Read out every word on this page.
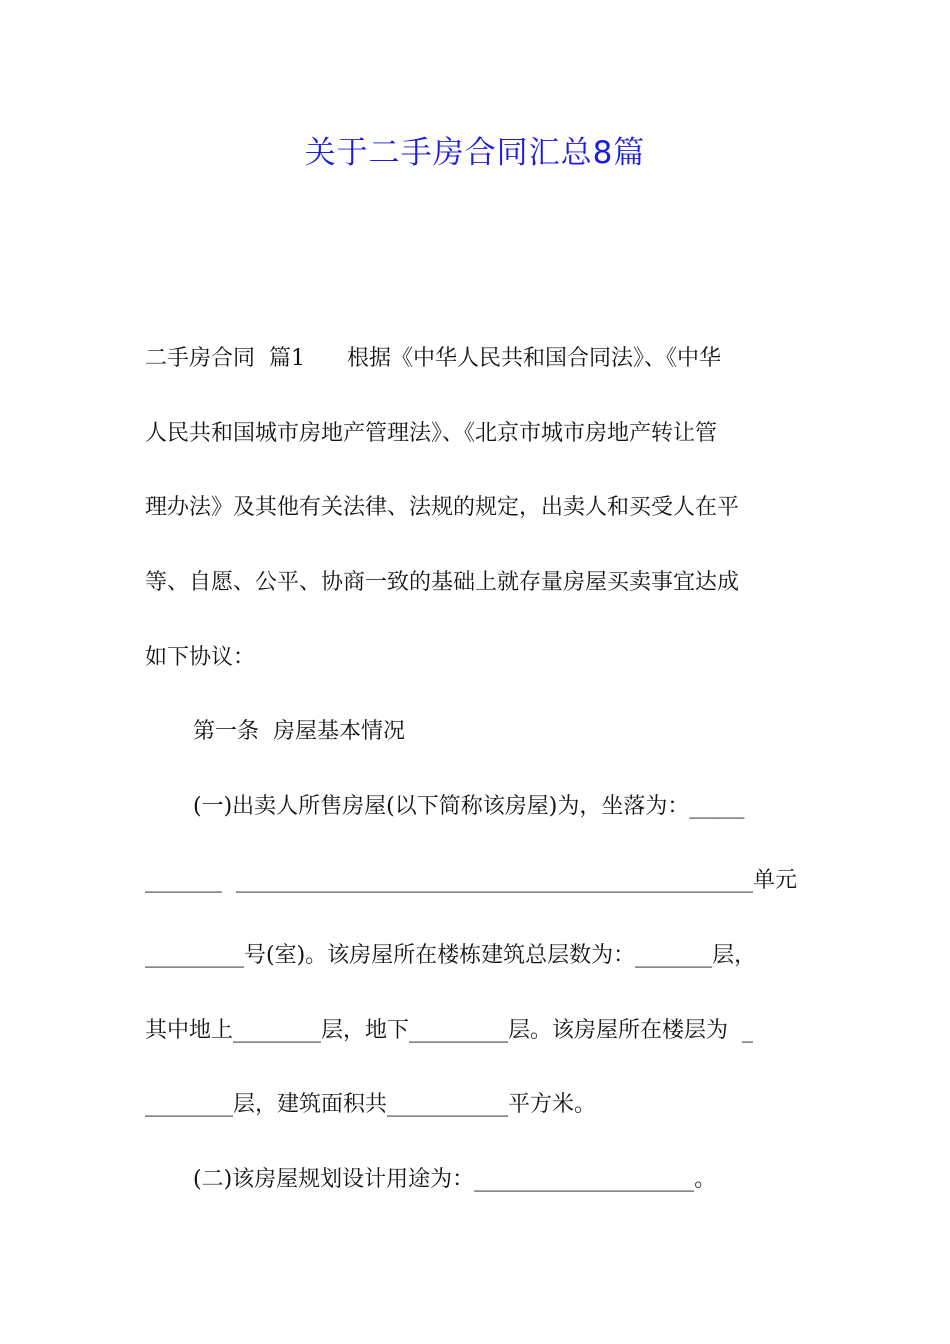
关于二手房合同汇总8篇
二手房合同  篇1      根据《中华人民共和国合同法》、《中华
人民共和国城市房地产管理法》、《北京市城市房地产转让管
理办法》及其他有关法律、法规的规定，出卖人和买受人在平
等、自愿、公平、协商一致的基础上就存量房屋买卖事宜达成
如下协议：
第一条  房屋基本情况
(一)出卖人所售房屋(以下简称该房屋)为，坐落为：_____
_______  _______________________________________________单元
_________号(室)。该房屋所在楼栋建筑总层数为：_______层，
其中地上________层，地下_________层。该房屋所在楼层为  _
________层，建筑面积共___________平方米。
(二)该房屋规划设计用途为：____________________。
